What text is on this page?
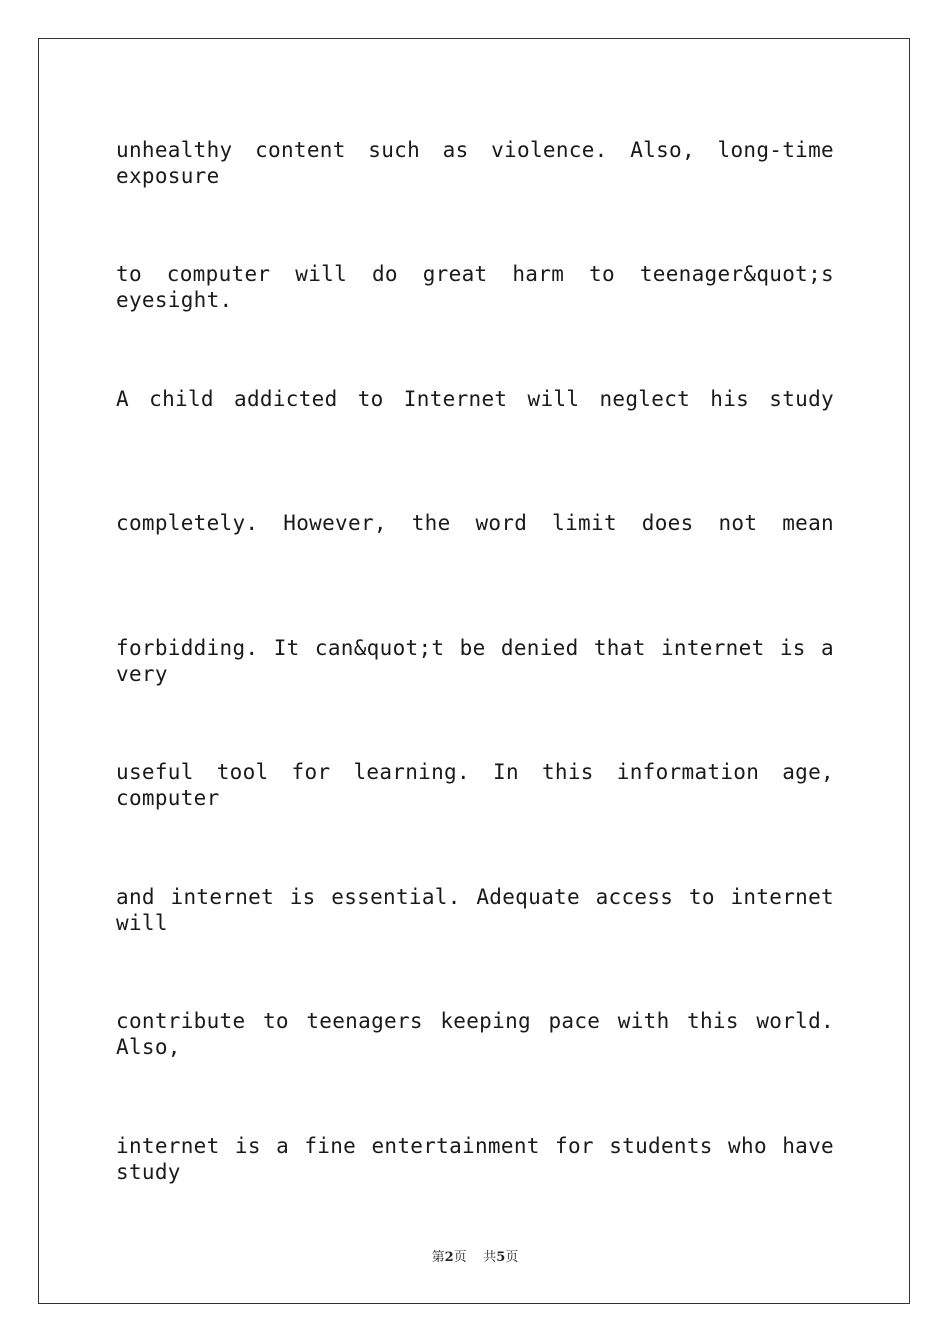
unhealthy content such as violence. Also, long-time exposure
to computer will do great harm to teenager&quot;s eyesight.
A child addicted to Internet will neglect his study
completely. However, the word limit does not mean
forbidding. It can&quot;t be denied that internet is a very
useful tool for learning. In this information age, computer
and internet is essential. Adequate access to internet will
contribute to teenagers keeping pace with this world. Also,
internet is a fine entertainment for students who have study
第2页 共5页
